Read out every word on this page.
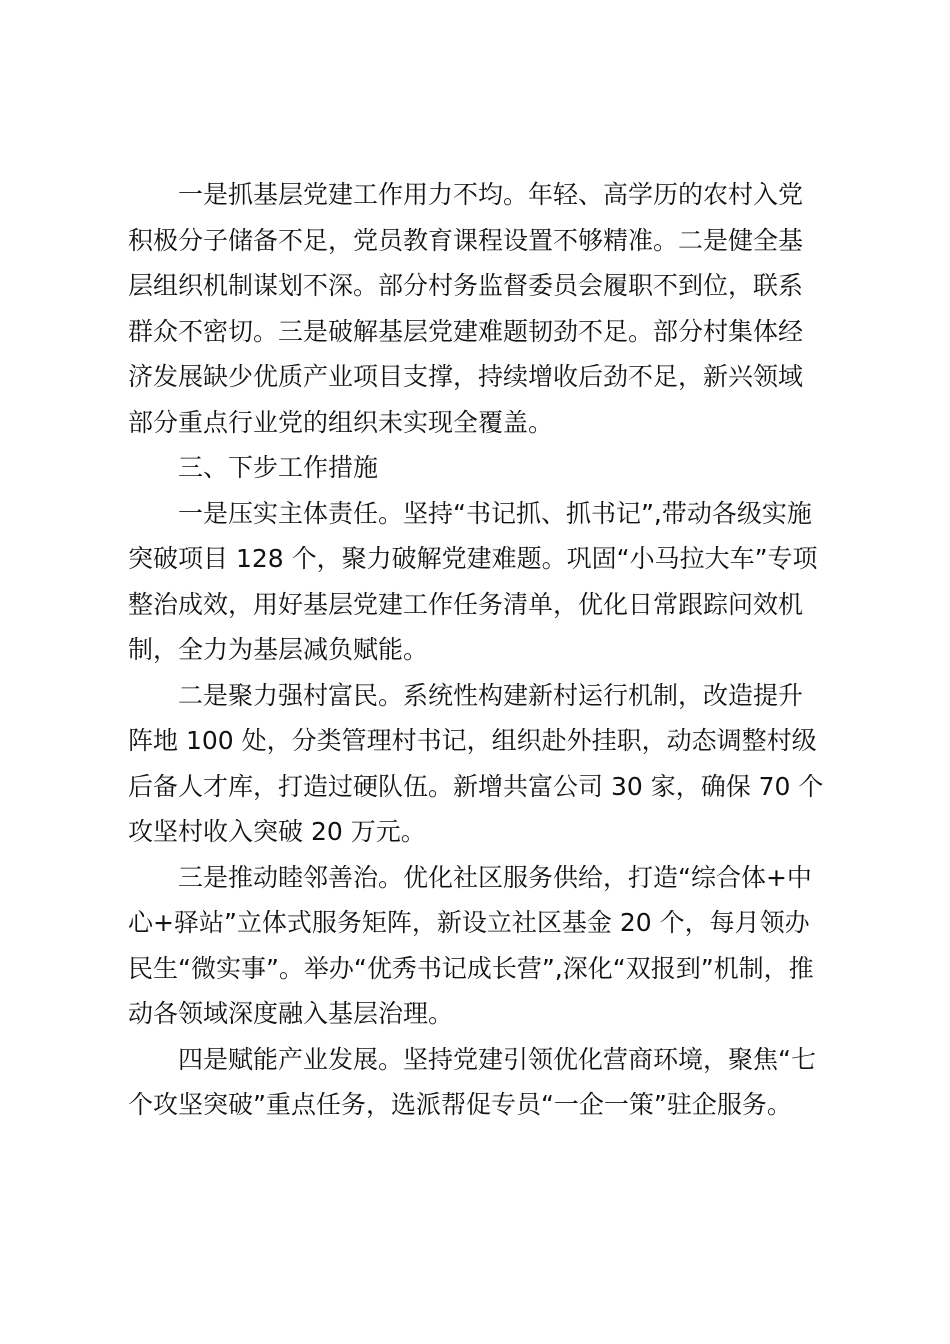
一是抓基层党建工作用力不均。年轻、高学历的农村入党
积极分子储备不足，党员教育课程设置不够精准。二是健全基
层组织机制谋划不深。部分村务监督委员会履职不到位，联系
群众不密切。三是破解基层党建难题韧劲不足。部分村集体经
济发展缺少优质产业项目支撑，持续增收后劲不足，新兴领域
部分重点行业党的组织未实现全覆盖。
三、下步工作措施
一是压实主体责任。坚持“书记抓、抓书记”,带动各级实施
突破项目 128 个，聚力破解党建难题。巩固“小马拉大车”专项
整治成效，用好基层党建工作任务清单，优化日常跟踪问效机
制，全力为基层减负赋能。
二是聚力强村富民。系统性构建新村运行机制，改造提升
阵地 100 处，分类管理村书记，组织赴外挂职，动态调整村级
后备人才库，打造过硬队伍。新增共富公司 30 家，确保 70 个
攻坚村收入突破 20 万元。
三是推动睦邻善治。优化社区服务供给，打造“综合体+中
心+驿站”立体式服务矩阵，新设立社区基金 20 个，每月领办
民生“微实事”。举办“优秀书记成长营”,深化“双报到”机制，推
动各领域深度融入基层治理。
四是赋能产业发展。坚持党建引领优化营商环境，聚焦“七
个攻坚突破”重点任务，选派帮促专员“一企一策”驻企服务。
